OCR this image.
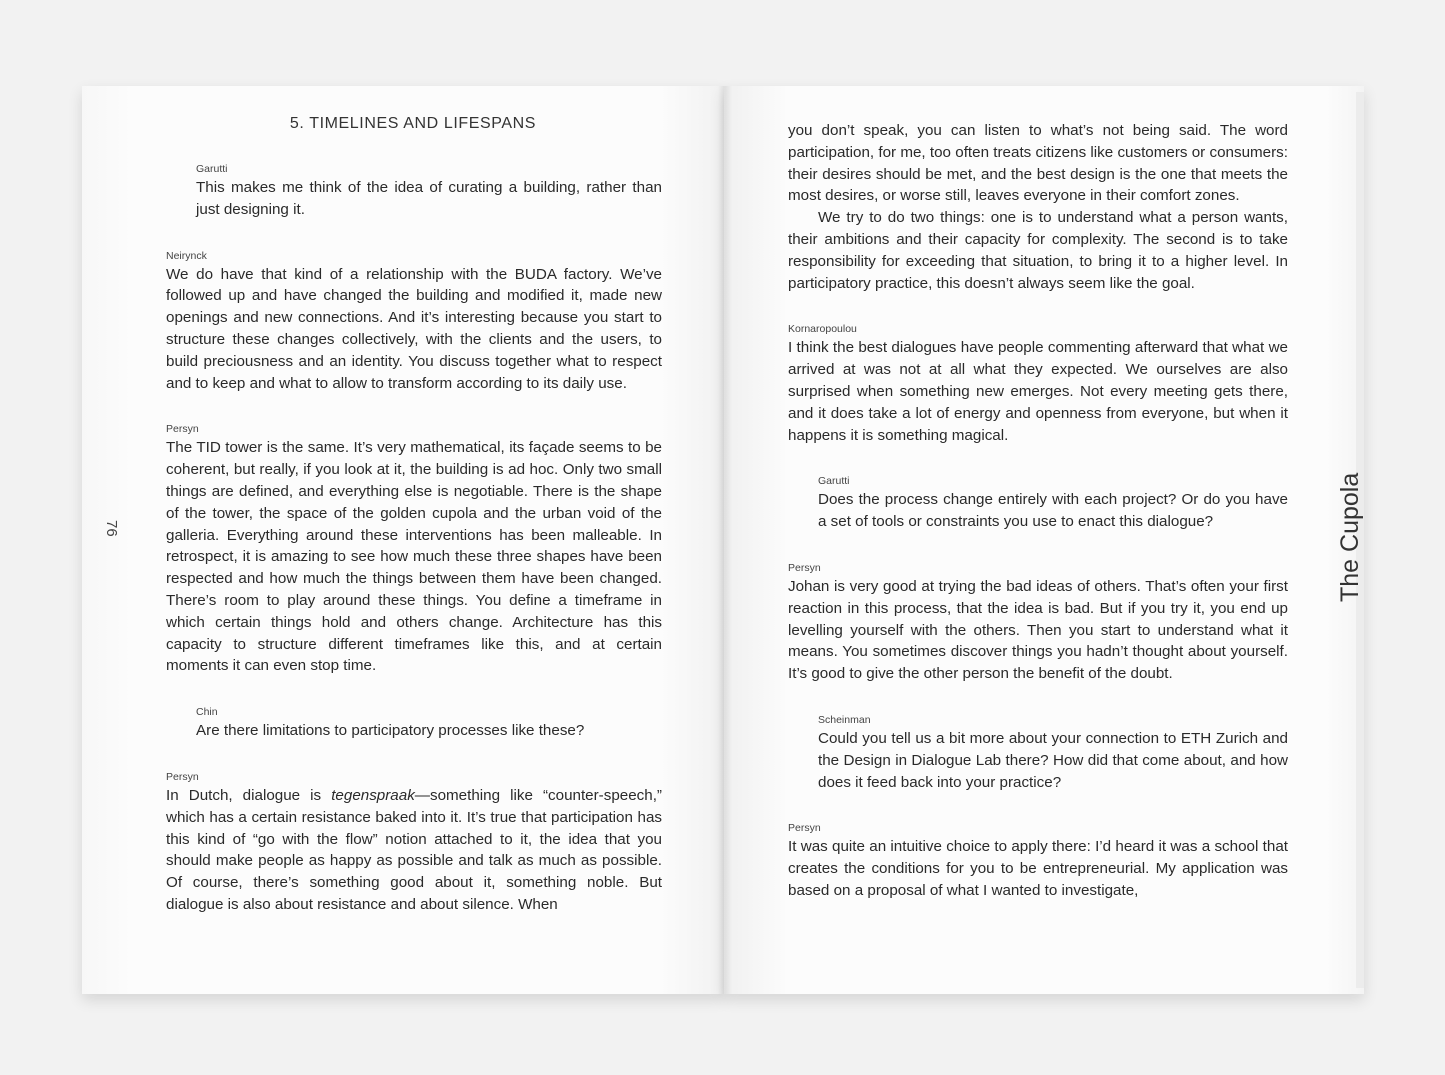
5. TIMELINES AND LIFESPANS
76	The Cupola
Garutti

This makes me think of the idea of curating a building, rather than just designing it.

Neirynck

We do have that kind of a relationship with the BUDA factory. We’ve followed up and have changed the building and modified it, made new openings and new connections. And it’s interesting because you start to structure these changes collectively, with the clients and the users, to build preciousness and an identity. You discuss together what to respect and to keep and what to allow to transform according to its daily use.

Persyn

The TID tower is the same. It’s very mathematical, its façade seems to be coherent, but really, if you look at it, the building is ad hoc. Only two small things are defined, and everything else is negotiable. There is the shape of the tower, the space of the golden cupola and the urban void of the galleria. Everything around these interventions has been malleable. In retrospect, it is amazing to see how much these three shapes have been respected and how much the things between them have been changed. There’s room to play around these things. You define a timeframe in which certain things hold and others change. Architecture has this capacity to structure different timeframes like this, and at certain moments it can even stop time.

Chin

Are there limitations to participatory processes like these?

Persyn

In Dutch, dialogue is tegenspraak—something like “counter-speech,” which has a certain resistance baked into it. It’s true that participation has this kind of “go with the flow” notion attached to it, the idea that you should make people as happy as possible and talk as much as possible. Of course, there’s something good about it, something noble. But dialogue is also about resistance and about silence. When

you don’t speak, you can listen to what’s not being said. The word participation, for me, too often treats citizens like customers or consumers: their desires should be met, and the best design is the one that meets the most desires, or worse still, leaves everyone in their comfort zones.

We try to do two things: one is to understand what a person wants, their ambitions and their capacity for complexity. The second is to take responsibility for exceeding that situation, to bring it to a higher level. In participatory practice, this doesn’t always seem like the goal.

Kornaropoulou

I think the best dialogues have people commenting afterward that what we arrived at was not at all what they expected. We ourselves are also surprised when something new emerges. Not every meeting gets there, and it does take a lot of energy and openness from everyone, but when it happens it is something magical.

Garutti

Does the process change entirely with each project? Or do you have a set of tools or constraints you use to enact this dialogue?

Persyn

Johan is very good at trying the bad ideas of others. That’s often your first reaction in this process, that the idea is bad. But if you try it, you end up levelling yourself with the others. Then you start to understand what it means. You sometimes discover things you hadn’t thought about yourself. It’s good to give the other person the benefit of the doubt.

Scheinman

Could you tell us a bit more about your connection to ETH Zurich and the Design in Dialogue Lab there? How did that come about, and how does it feed back into your practice?

Persyn

It was quite an intuitive choice to apply there: I’d heard it was a school that creates the conditions for you to be entrepreneurial. My application was based on a proposal of what I wanted to investigate,
